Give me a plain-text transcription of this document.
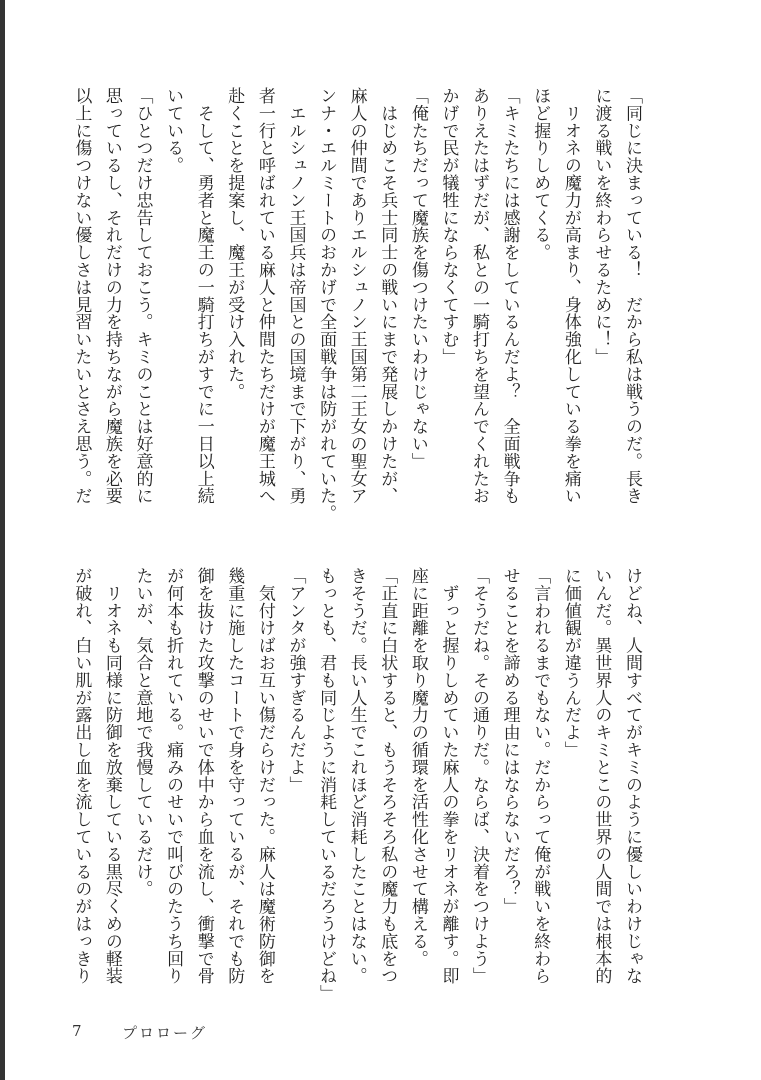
「同じに決まっている！　だから私は戦うのだ。長き
に渡る戦いを終わらせるために！」
　リオネの魔力が高まり、身体強化している拳を痛い
ほど握りしめてくる。
「キミたちには感謝をしているんだよ？　全面戦争も
ありえたはずだが、私との一騎打ちを望んでくれたお
かげで民が犠牲にならなくてすむ」
「俺たちだって魔族を傷つけたいわけじゃない」
　はじめこそ兵士同士の戦いにまで発展しかけたが、
麻人の仲間でありエルシュノン王国第二王女の聖女ア
ンナ・エルミートのおかげで全面戦争は防がれていた。
　エルシュノン王国兵は帝国との国境まで下がり、勇
者一行と呼ばれている麻人と仲間たちだけが魔王城へ
赴くことを提案し、魔王が受け入れた。
　そして、勇者と魔王の一騎打ちがすでに一日以上続
いている。
「ひとつだけ忠告しておこう。キミのことは好意的に
思っているし、それだけの力を持ちながら魔族を必要
以上に傷つけない優しさは見習いたいとさえ思う。だ
けどね、人間すべてがキミのように優しいわけじゃな
いんだ。異世界人のキミとこの世界の人間では根本的
に価値観が違うんだよ」
「言われるまでもない。だからって俺が戦いを終わら
せることを諦める理由にはならないだろ？」
「そうだね。その通りだ。ならば、決着をつけよう」
　ずっと握りしめていた麻人の拳をリオネが離す。即
座に距離を取り魔力の循環を活性化させて構える。
「正直に白状すると、もうそろそろ私の魔力も底をつ
きそうだ。長い人生でこれほど消耗したことはない。
もっとも、君も同じように消耗しているだろうけどね」
「アンタが強すぎるんだよ」
　気付けばお互い傷だらけだった。麻人は魔術防御を
幾重に施したコートで身を守っているが、それでも防
御を抜けた攻撃のせいで体中から血を流し、衝撃で骨
が何本も折れている。痛みのせいで叫びのたうち回り
たいが、気合と意地で我慢しているだけ。
　リオネも同様に防御を放棄している黒尽くめの軽装
が破れ、白い肌が露出し血を流しているのがはっきり
7	プロローグ
